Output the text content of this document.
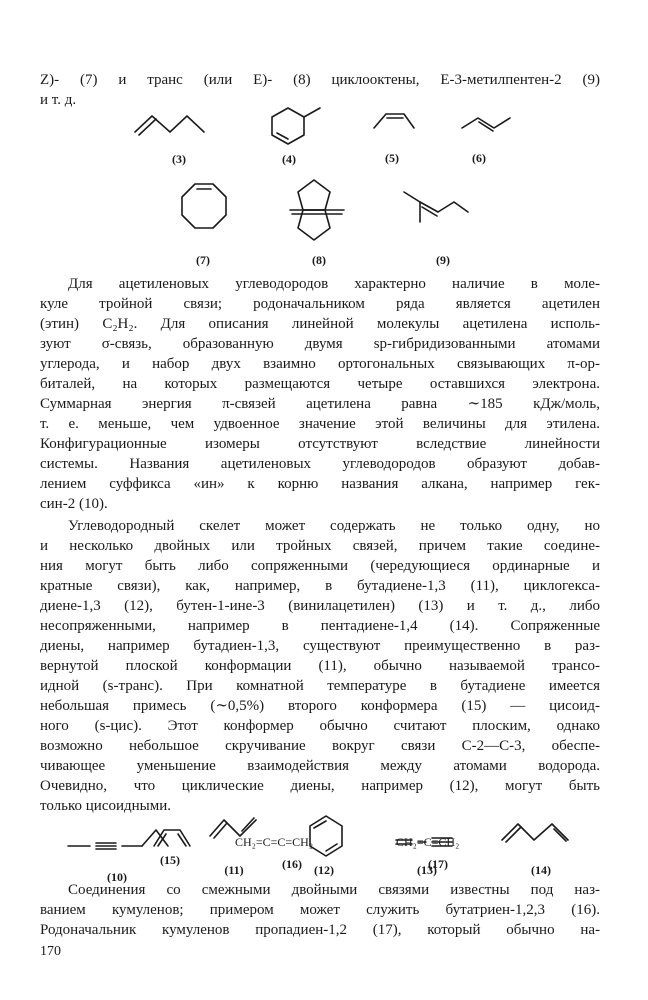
Z)- (7) и транс (или E)- (8) циклооктены, E-3-метилпентен-2 (9)
и т. д.
(3)	(4)	(5)	(6)
(7)	(8)	(9)
Для ацетиленовых углеводородов характерно наличие в моле-
куле тройной связи; родоначальником ряда является ацетилен
(этин) C₂H₂. Для описания линейной молекулы ацетилена исполь-
зуют σ-связь, образованную двумя sp-гибридизованными атомами
углерода, и набор двух взаимно ортогональных связывающих π-ор-
биталей, на которых размещаются четыре оставшихся электрона.
Суммарная энергия π-связей ацетилена равна ∼185 кДж/моль,
т. е. меньше, чем удвоенное значение этой величины для этилена.
Конфигурационные изомеры отсутствуют вследствие линейности
системы. Названия ацетиленовых углеводородов образуют добав-
лением суффикса «ин» к корню названия алкана, например гек-
син-2 (10).
Углеводородный скелет может содержать не только одну, но
и несколько двойных или тройных связей, причем такие соедине-
ния могут быть либо сопряженными (чередующиеся ординарные и
кратные связи), как, например, в бутадиене-1,3 (11), циклогекса-
диене-1,3 (12), бутен-1-ине-3 (винилацетилен) (13) и т. д., либо
несопряженными, например в пентадиене-1,4 (14). Сопряженные
диены, например бутадиен-1,3, существуют преимущественно в раз-
вернутой плоской конформации (11), обычно называемой трансо-
идной (s-транс). При комнатной температуре в бутадиене имеется
небольшая примесь (∼0,5%) второго конформера (15) — цисоид-
ного (s-цис). Этот конформер обычно считают плоским, однако
возможно небольшое скручивание вокруг связи C-2—C-3, обеспе-
чивающее уменьшение взаимодействия между атомами водорода.
Очевидно, что циклические диены, например (12), могут быть
только цисоидными.
(10)	(11)	(12)	(13)	(14)
CH₂=C=C=CH₂	CH₂=C=CH₂
(15)	(16)	(17)
Соединения со смежными двойными связями известны под наз-
ванием кумуленов; примером может служить бутатриен-1,2,3 (16).
Родоначальник кумуленов пропадиен-1,2 (17), который обычно на-
170
